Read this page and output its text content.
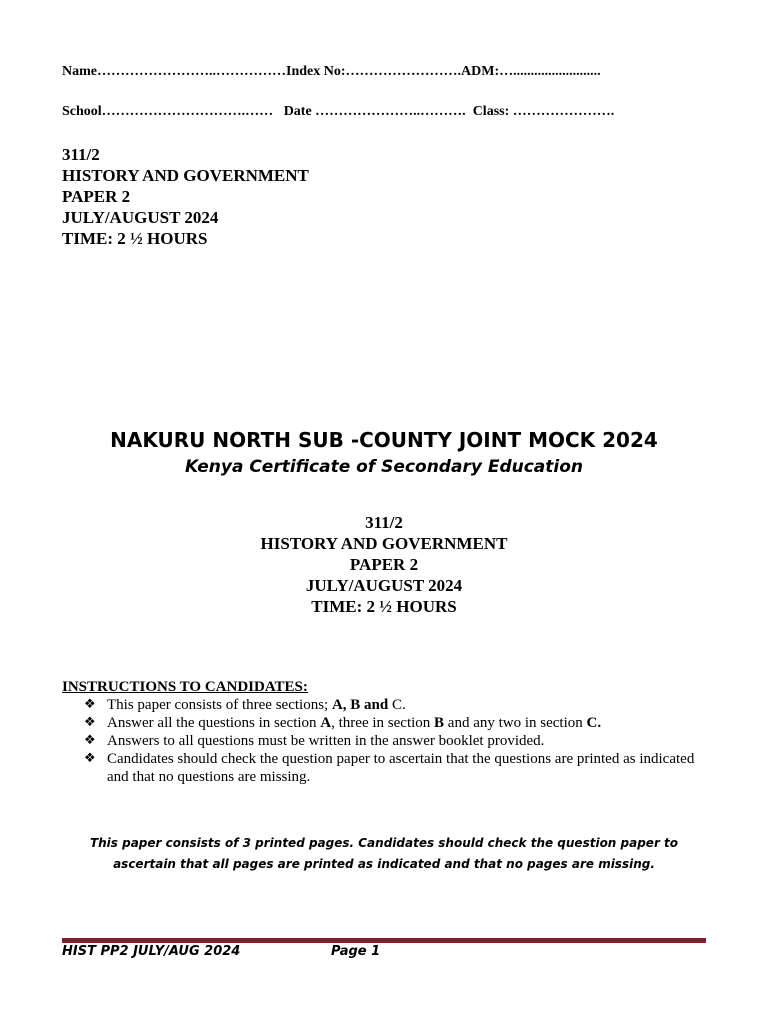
Name……………………..……………Index No:…………………….ADM:….........................
School………………………….…… Date …………………..………. Class: ………………….
311/2
HISTORY AND GOVERNMENT
PAPER 2
JULY/AUGUST 2024
TIME: 2 ½ HOURS
NAKURU NORTH SUB -COUNTY JOINT MOCK 2024
Kenya Certificate of Secondary Education
311/2
HISTORY AND GOVERNMENT
PAPER 2
JULY/AUGUST 2024
TIME: 2 ½ HOURS
INSTRUCTIONS TO CANDIDATES:
❖ This paper consists of three sections; A, B and C.
❖ Answer all the questions in section A, three in section B and any two in section C.
❖ Answers to all questions must be written in the answer booklet provided.
❖ Candidates should check the question paper to ascertain that the questions are printed as indicated and that no questions are missing.
This paper consists of 3 printed pages. Candidates should check the question paper to ascertain that all pages are printed as indicated and that no pages are missing.
HIST PP2 JULY/AUG 2024	Page 1
